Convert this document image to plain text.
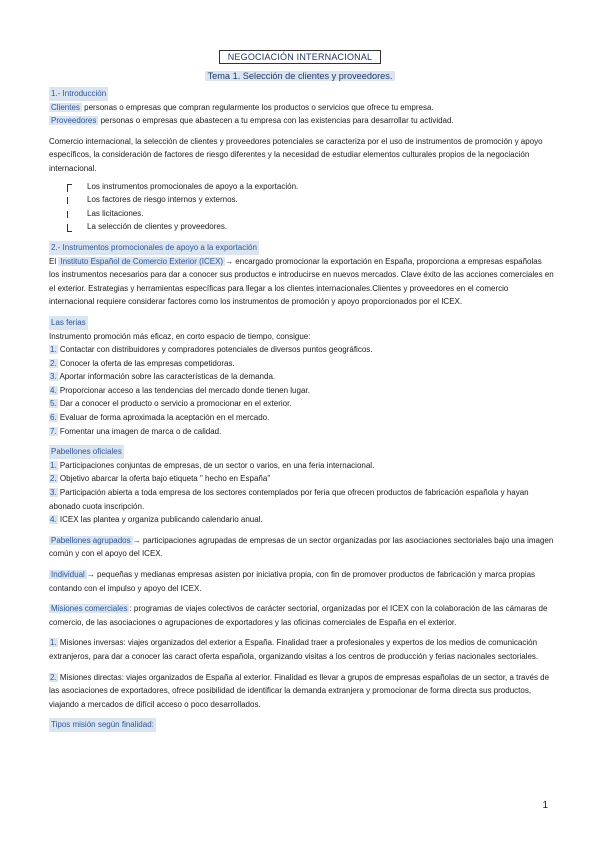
NEGOCIACIÓN INTERNACIONAL
Tema 1. Selección de clientes y proveedores.

1.- Introducción

Clientes personas o empresas que compran regularmente los productos o servicios que ofrece tu empresa.

Proveedores personas o empresas que abastecen a tu empresa con las existencias para desarrollar tu actividad.

Comercio internacional, la selección de clientes y proveedores potenciales se caracteriza por el uso de instrumentos de promoción y apoyo específicos, la consideración de factores de riesgo diferentes y la necesidad de estudiar elementos culturales propios de la negociación internacional.

Los instrumentos promocionales de apoyo a la exportación.
Los factores de riesgo internos y externos.
Las licitaciones.
La selección de clientes y proveedores.

2.- Instrumentos promocionales de apoyo a la exportación

El Instituto Español de Comercio Exterior (ICEX) → encargado promocionar la exportación en España, proporciona a empresas españolas los instrumentos necesarios para dar a conocer sus productos e introducirse en nuevos mercados. Clave éxito de las acciones comerciales en el exterior. Estrategias y herramientas específicas para llegar a los clientes internacionales.Clientes y proveedores en el comercio internacional requiere considerar factores como los instrumentos de promoción y apoyo proporcionados por el ICEX.

Las ferias

Instrumento promoción más eficaz, en corto espacio de tiempo, consigue:

1. Contactar con distribuidores y compradores potenciales de diversos puntos geográficos.

2. Conocer la oferta de las empresas competidoras.

3. Aportar información sobre las características de la demanda.

4. Proporcionar acceso a las tendencias del mercado donde tienen lugar.

5. Dar a conocer el producto o servicio a promocionar en el exterior.

6. Evaluar de forma aproximada la aceptación en el mercado.

7. Fomentar una imagen de marca o de calidad.

Pabellones oficiales

1. Participaciones conjuntas de empresas, de un sector o varios, en una feria internacional.

2. Objetivo abarcar la oferta bajo etiqueta " hecho en España"

3. Participación abierta a toda empresa de los sectores contemplados por feria que ofrecen productos de fabricación española y hayan abonado cuota inscripción.

4. ICEX las plantea y organiza publicando calendario anual.

Pabellones agrupados → participaciones agrupadas de empresas de un sector organizadas por las asociaciones sectoriales bajo una imagen común y con el apoyo del ICEX.

Individual → pequeñas y medianas empresas asisten por iniciativa propia, con fin de promover productos de fabricación y marca propias contando con el impulso y apoyo del ICEX.

Misiones comerciales : programas de viajes colectivos de carácter sectorial, organizadas por el ICEX con la colaboración de las cámaras de comercio, de las asociaciones o agrupaciones de exportadores y las oficinas comerciales de España en el exterior.

1. Misiones inversas: viajes organizados del exterior a España. Finalidad traer a profesionales y expertos de los medios de comunicación extranjeros, para dar a conocer las caract oferta española, organizando visitas a los centros de producción y ferias nacionales sectoriales.

2. Misiones directas: viajes organizados de España al exterior. Finalidad es llevar a grupos de empresas españolas de un sector, a través de las asociaciones de exportadores, ofrece posibilidad de identificar la demanda extranjera y promocionar de forma directa sus productos, viajando a mercados de difícil acceso o poco desarrollados.

Tipos misión según finalidad:

1
